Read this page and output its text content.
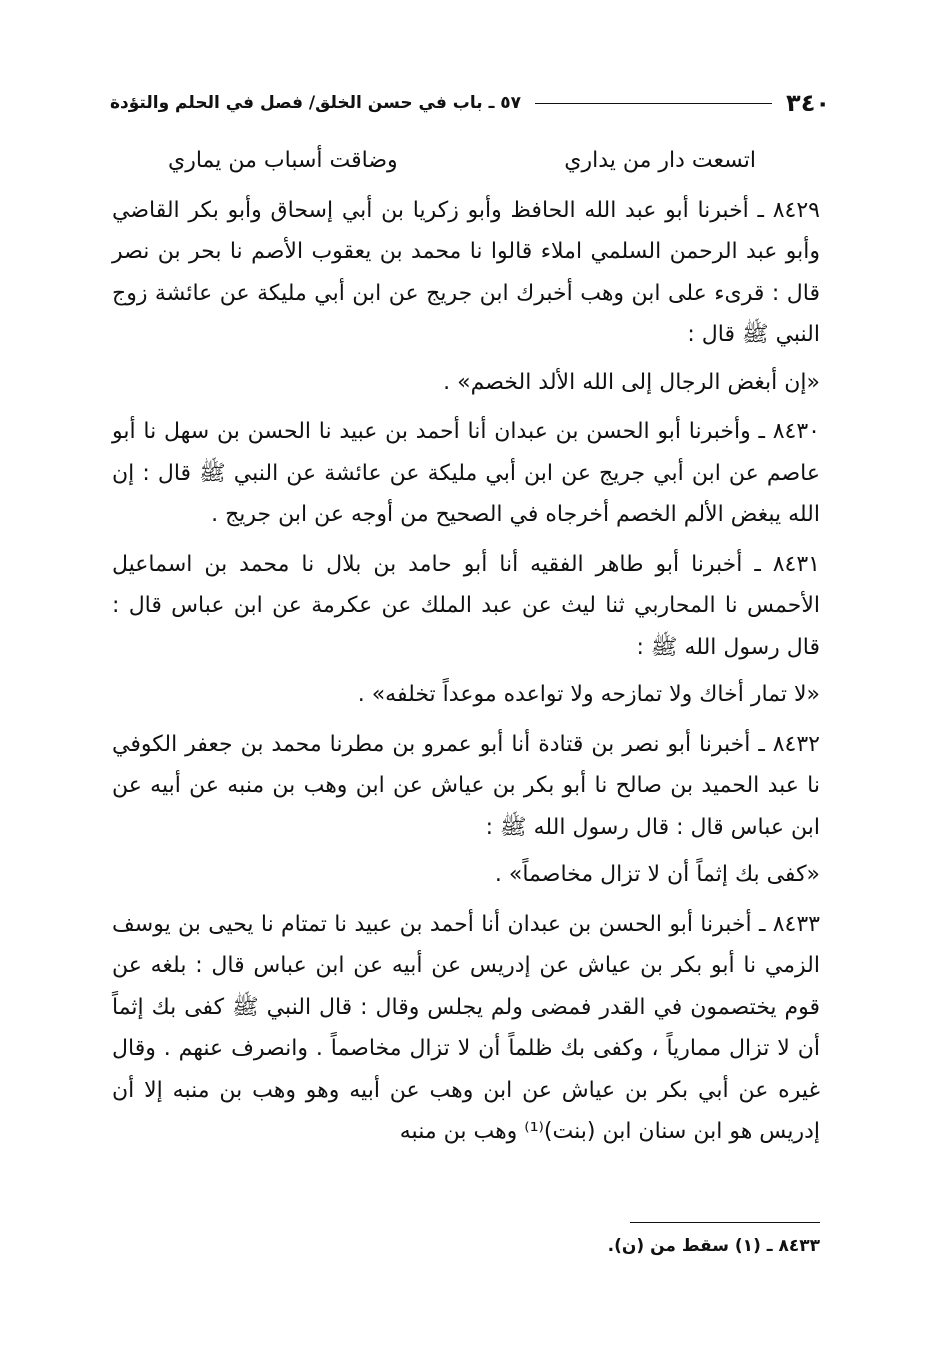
٣٤٠
٥٧ ـ باب في حسن الخلق/ فصل في الحلم والتؤدة

اتسعت دار من يداري
وضاقت أسباب من يماري

٨٤٢٩ ـ أخبرنا أبو عبد الله الحافظ وأبو زكريا بن أبي إسحاق وأبو بكر القاضي وأبو عبد الرحمن السلمي املاء قالوا نا محمد بن يعقوب الأصم نا بحر بن نصر قال : قرىء على ابن وهب أخبرك ابن جريج عن ابن أبي مليكة عن عائشة زوج النبي ﷺ قال :

«إن أبغض الرجال إلى الله الألد الخصم» .

٨٤٣٠ ـ وأخبرنا أبو الحسن بن عبدان أنا أحمد بن عبيد نا الحسن بن سهل نا أبو عاصم عن ابن أبي جريج عن ابن أبي مليكة عن عائشة عن النبي ﷺ قال : إن الله يبغض الألم الخصم أخرجاه في الصحيح من أوجه عن ابن جريج .

٨٤٣١ ـ أخبرنا أبو طاهر الفقيه أنا أبو حامد بن بلال نا محمد بن اسماعيل الأحمس نا المحاربي ثنا ليث عن عبد الملك عن عكرمة عن ابن عباس قال : قال رسول الله ﷺ :

«لا تمار أخاك ولا تمازحه ولا تواعده موعداً تخلفه» .

٨٤٣٢ ـ أخبرنا أبو نصر بن قتادة أنا أبو عمرو بن مطرنا محمد بن جعفر الكوفي نا عبد الحميد بن صالح نا أبو بكر بن عياش عن ابن وهب بن منبه عن أبيه عن ابن عباس قال : قال رسول الله ﷺ :

«كفى بك إثماً أن لا تزال مخاصماً» .

٨٤٣٣ ـ أخبرنا أبو الحسن بن عبدان أنا أحمد بن عبيد نا تمتام نا يحيى بن يوسف الزمي نا أبو بكر بن عياش عن إدريس عن أبيه عن ابن عباس قال : بلغه عن قوم يختصمون في القدر فمضى ولم يجلس وقال : قال النبي ﷺ كفى بك إثماً أن لا تزال ممارياً ، وكفى بك ظلماً أن لا تزال مخاصماً . وانصرف عنهم . وقال غيره عن أبي بكر بن عياش عن ابن وهب عن أبيه وهو وهب بن منبه إلا أن إدريس هو ابن سنان ابن (بنت)⁽¹⁾ وهب بن منبه

٨٤٣٣ ـ (١) سقط من (ن).
